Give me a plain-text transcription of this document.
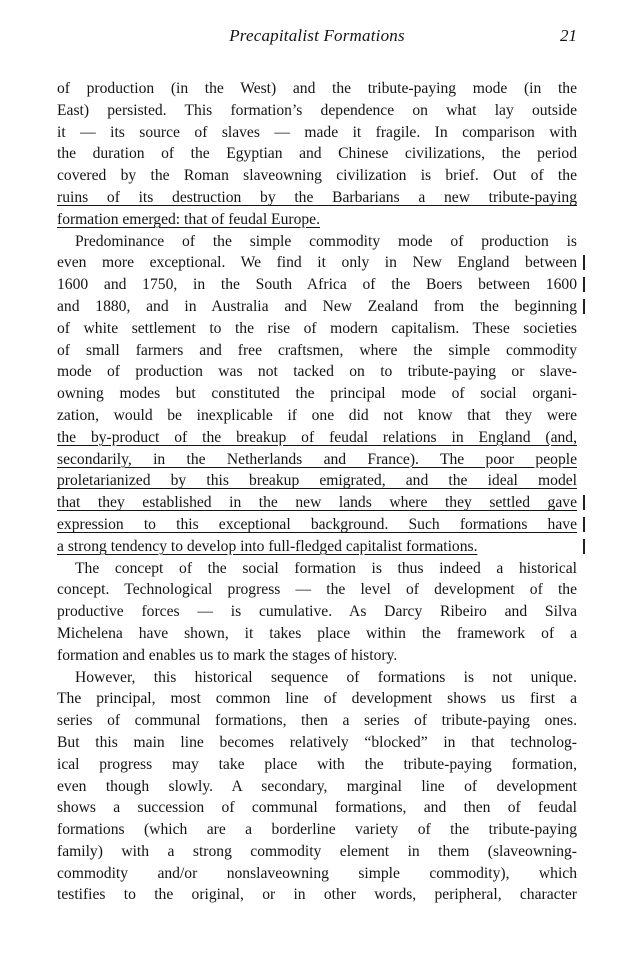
Precapitalist Formations	21
of production (in the West) and the tribute-paying mode (in the
East) persisted. This formation’s dependence on what lay outside
it — its source of slaves — made it fragile. In comparison with
the duration of the Egyptian and Chinese civilizations, the period
covered by the Roman slaveowning civilization is brief. Out of the
ruins of its destruction by the Barbarians a new tribute-paying
formation emerged: that of feudal Europe.
Predominance of the simple commodity mode of production is
even more exceptional. We find it only in New England between
1600 and 1750, in the South Africa of the Boers between 1600
and 1880, and in Australia and New Zealand from the beginning
of white settlement to the rise of modern capitalism. These societies
of small farmers and free craftsmen, where the simple commodity
mode of production was not tacked on to tribute-paying or slave-
owning modes but constituted the principal mode of social organi-
zation, would be inexplicable if one did not know that they were
the by-product of the breakup of feudal relations in England (and,
secondarily, in the Netherlands and France). The poor people
proletarianized by this breakup emigrated, and the ideal model
that they established in the new lands where they settled gave
expression to this exceptional background. Such formations have
a strong tendency to develop into full-fledged capitalist formations.
The concept of the social formation is thus indeed a historical
concept. Technological progress — the level of development of the
productive forces — is cumulative. As Darcy Ribeiro and Silva
Michelena have shown, it takes place within the framework of a
formation and enables us to mark the stages of history.
However, this historical sequence of formations is not unique.
The principal, most common line of development shows us first a
series of communal formations, then a series of tribute-paying ones.
But this main line becomes relatively “blocked” in that technolog-
ical progress may take place with the tribute-paying formation,
even though slowly. A secondary, marginal line of development
shows a succession of communal formations, and then of feudal
formations (which are a borderline variety of the tribute-paying
family) with a strong commodity element in them (slaveowning-
commodity and/or nonslaveowning simple commodity), which
testifies to the original, or in other words, peripheral, character
